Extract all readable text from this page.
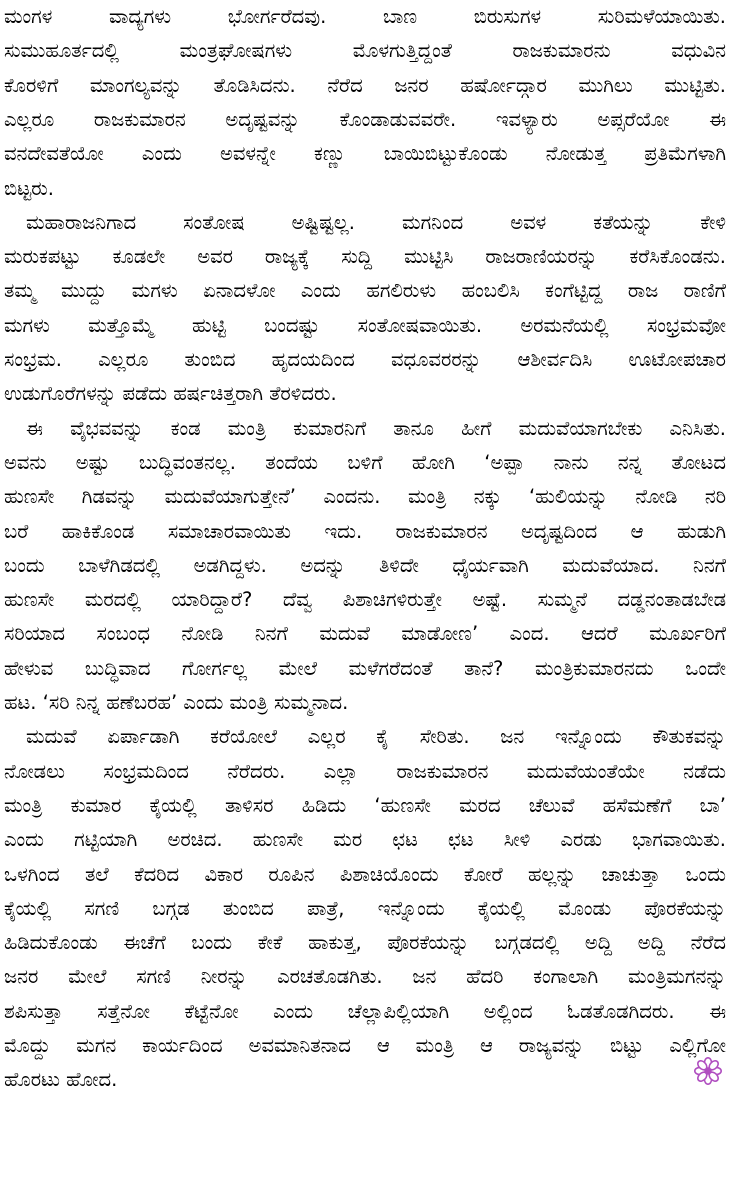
ಮಂಗಳ ವಾದ್ಯಗಳು ಭೋರ್ಗರೆದವು. ಬಾಣ ಬಿರುಸುಗಳ ಸುರಿಮಳೆಯಾಯಿತು.
ಸುಮುಹೂರ್ತದಲ್ಲಿ ಮಂತ್ರಘೋಷಗಳು ಮೊಳಗುತ್ತಿದ್ದಂತೆ ರಾಜಕುಮಾರನು ವಧುವಿನ
ಕೊರಳಿಗೆ ಮಾಂಗಲ್ಯವನ್ನು ತೊಡಿಸಿದನು. ನೆರೆದ ಜನರ ಹರ್ಷೋದ್ಗಾರ ಮುಗಿಲು ಮುಟ್ಟಿತು.
ಎಲ್ಲರೂ ರಾಜಕುಮಾರನ ಅದೃಷ್ಟವನ್ನು ಕೊಂಡಾಡುವವರೇ. ಇವಳ್ಯಾರು ಅಪ್ಸರೆಯೋ ಈ
ವನದೇವತೆಯೋ ಎಂದು ಅವಳನ್ನೇ ಕಣ್ಣು ಬಾಯಿಬಿಟ್ಟುಕೊಂಡು ನೋಡುತ್ತ ಪ್ರತಿಮೆಗಳಾಗಿ
ಬಿಟ್ಟರು.
ಮಹಾರಾಜನಿಗಾದ ಸಂತೋಷ ಅಷ್ಟಿಷ್ಟಲ್ಲ. ಮಗನಿಂದ ಅವಳ ಕತೆಯನ್ನು ಕೇಳಿ
ಮರುಕಪಟ್ಟು ಕೂಡಲೇ ಅವರ ರಾಜ್ಯಕ್ಕೆ ಸುದ್ದಿ ಮುಟ್ಟಿಸಿ ರಾಜರಾಣಿಯರನ್ನು ಕರೆಸಿಕೊಂಡನು.
ತಮ್ಮ ಮುದ್ದು ಮಗಳು ಏನಾದಳೋ ಎಂದು ಹಗಲಿರುಳು ಹಂಬಲಿಸಿ ಕಂಗೆಟ್ಟಿದ್ದ ರಾಜ ರಾಣಿಗೆ
ಮಗಳು ಮತ್ತೊಮ್ಮೆ ಹುಟ್ಟಿ ಬಂದಷ್ಟು ಸಂತೋಷವಾಯಿತು. ಅರಮನೆಯಲ್ಲಿ ಸಂಭ್ರಮವೋ
ಸಂಭ್ರಮ. ಎಲ್ಲರೂ ತುಂಬಿದ ಹೃದಯದಿಂದ ವಧೂವರರನ್ನು ಆಶೀರ್ವದಿಸಿ ಊಟೋಪಚಾರ
ಉಡುಗೊರೆಗಳನ್ನು ಪಡೆದು ಹರ್ಷಚಿತ್ತರಾಗಿ ತೆರಳಿದರು.
ಈ ವೈಭವವನ್ನು ಕಂಡ ಮಂತ್ರಿ ಕುಮಾರನಿಗೆ ತಾನೂ ಹೀಗೆ ಮದುವೆಯಾಗಬೇಕು ಎನಿಸಿತು.
ಅವನು ಅಷ್ಟು ಬುದ್ಧಿವಂತನಲ್ಲ. ತಂದೆಯ ಬಳಿಗೆ ಹೋಗಿ ‘ಅಪ್ಪಾ ನಾನು ನನ್ನ ತೋಟದ
ಹುಣಸೇ ಗಿಡವನ್ನು ಮದುವೆಯಾಗುತ್ತೇನೆ’ ಎಂದನು. ಮಂತ್ರಿ ನಕ್ಕು ‘ಹುಲಿಯನ್ನು ನೋಡಿ ನರಿ
ಬರೆ ಹಾಕಿಕೊಂಡ ಸಮಾಚಾರವಾಯಿತು ಇದು. ರಾಜಕುಮಾರನ ಅದೃಷ್ಟದಿಂದ ಆ ಹುಡುಗಿ
ಬಂದು ಬಾಳೆಗಿಡದಲ್ಲಿ ಅಡಗಿದ್ದಳು. ಅದನ್ನು ತಿಳಿದೇ ಧೈರ್ಯವಾಗಿ ಮದುವೆಯಾದ. ನಿನಗೆ
ಹುಣಸೇ ಮರದಲ್ಲಿ ಯಾರಿದ್ದಾರೆ? ದೆವ್ವ ಪಿಶಾಚಿಗಳಿರುತ್ತೇ ಅಷ್ಟೆ. ಸುಮ್ಮನೆ ದಡ್ಡನಂತಾಡಬೇಡ
ಸರಿಯಾದ ಸಂಬಂಧ ನೋಡಿ ನಿನಗೆ ಮದುವೆ ಮಾಡೋಣ’ ಎಂದ. ಆದರೆ ಮೂರ್ಖರಿಗೆ
ಹೇಳುವ ಬುದ್ಧಿವಾದ ಗೋರ್ಗಲ್ಲ ಮೇಲೆ ಮಳೆಗರೆದಂತೆ ತಾನೆ? ಮಂತ್ರಿಕುಮಾರನದು ಒಂದೇ
ಹಟ. ‘ಸರಿ ನಿನ್ನ ಹಣೆಬರಹ’ ಎಂದು ಮಂತ್ರಿ ಸುಮ್ಮನಾದ.
ಮದುವೆ ಏರ್ಪಾಡಾಗಿ ಕರೆಯೋಲೆ ಎಲ್ಲರ ಕೈ ಸೇರಿತು. ಜನ ಇನ್ನೊಂದು ಕೌತುಕವನ್ನು
ನೋಡಲು ಸಂಭ್ರಮದಿಂದ ನೆರೆದರು. ಎಲ್ಲಾ ರಾಜಕುಮಾರನ ಮದುವೆಯಂತೆಯೇ ನಡೆದು
ಮಂತ್ರಿ ಕುಮಾರ ಕೈಯಲ್ಲಿ ತಾಳಿಸರ ಹಿಡಿದು ‘ಹುಣಸೇ ಮರದ ಚೆಲುವೆ ಹಸೆಮಣೆಗೆ ಬಾ’
ಎಂದು ಗಟ್ಟಿಯಾಗಿ ಅರಚಿದ. ಹುಣಸೇ ಮರ ಛಟ ಛಟ ಸೀಳಿ ಎರಡು ಭಾಗವಾಯಿತು.
ಒಳಗಿಂದ ತಲೆ ಕೆದರಿದ ವಿಕಾರ ರೂಪಿನ ಪಿಶಾಚಿಯೊಂದು ಕೋರೆ ಹಲ್ಲನ್ನು ಚಾಚುತ್ತಾ ಒಂದು
ಕೈಯಲ್ಲಿ ಸಗಣಿ ಬಗ್ಗಡ ತುಂಬಿದ ಪಾತ್ರೆ, ಇನ್ನೊಂದು ಕೈಯಲ್ಲಿ ಮೊಂಡು ಪೊರಕೆಯನ್ನು
ಹಿಡಿದುಕೊಂಡು ಈಚೆಗೆ ಬಂದು ಕೇಕೆ ಹಾಕುತ್ತ, ಪೊರಕೆಯನ್ನು ಬಗ್ಗಡದಲ್ಲಿ ಅದ್ದಿ ಅದ್ದಿ ನೆರೆದ
ಜನರ ಮೇಲೆ ಸಗಣಿ ನೀರನ್ನು ಎರಚತೊಡಗಿತು. ಜನ ಹೆದರಿ ಕಂಗಾಲಾಗಿ ಮಂತ್ರಿಮಗನನ್ನು
ಶಪಿಸುತ್ತಾ ಸತ್ತೆನೋ ಕೆಟ್ಟೆನೋ ಎಂದು ಚೆಲ್ಲಾಪಿಲ್ಲಿಯಾಗಿ ಅಲ್ಲಿಂದ ಓಡತೊಡಗಿದರು. ಈ
ಮೊದ್ದು ಮಗನ ಕಾರ್ಯದಿಂದ ಅವಮಾನಿತನಾದ ಆ ಮಂತ್ರಿ ಆ ರಾಜ್ಯವನ್ನು ಬಿಟ್ಟು ಎಲ್ಲಿಗೋ
ಹೊರಟು ಹೋದ.
